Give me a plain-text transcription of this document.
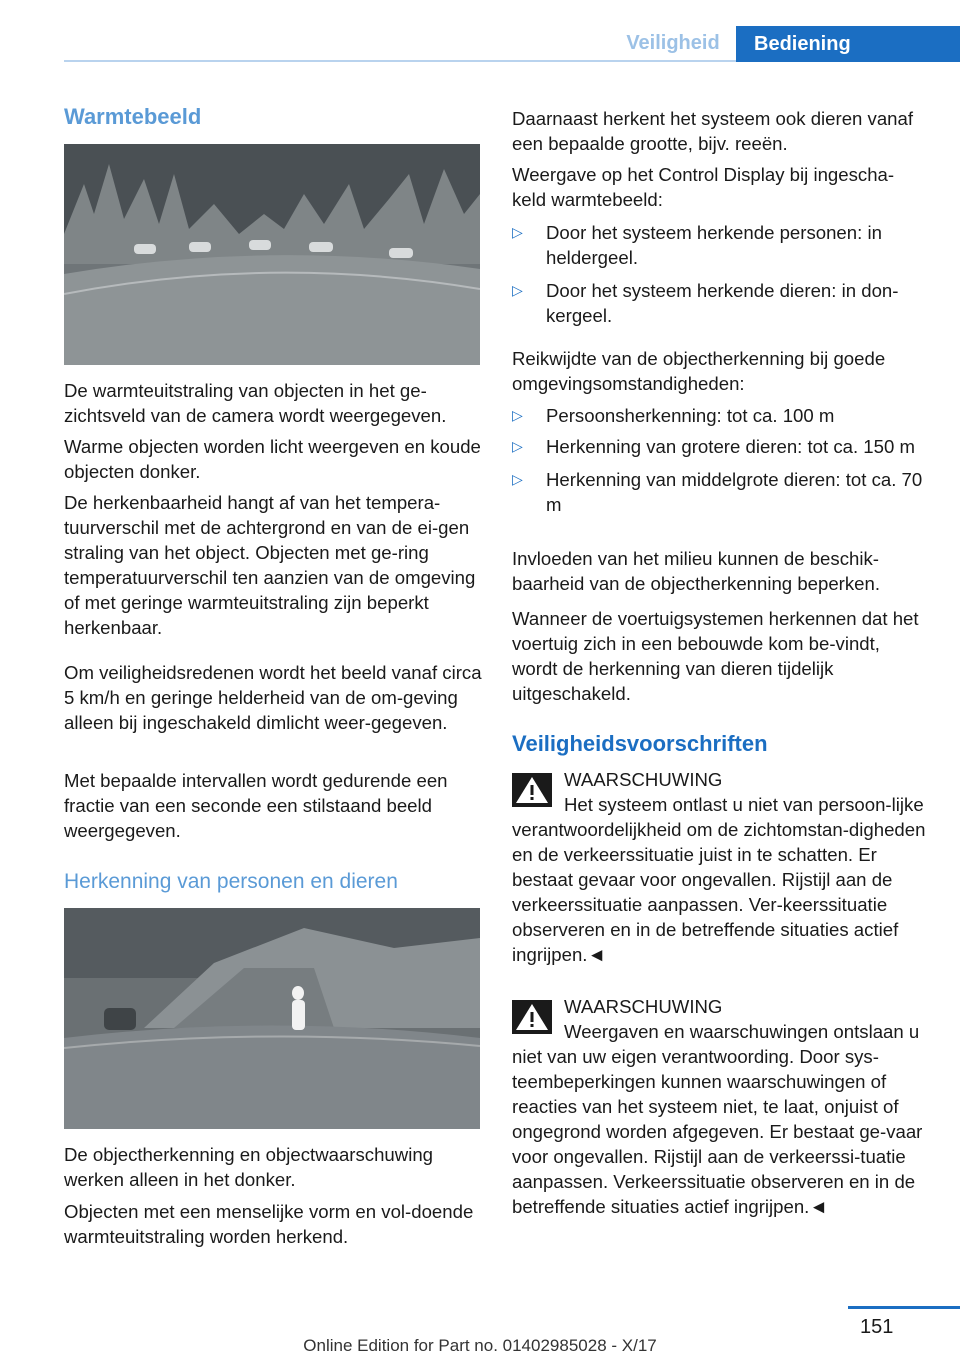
Veiligheid	Bediening
Warmtebeeld

De warmteuitstraling van objecten in het ge-zichtsveld van de camera wordt weergegeven.

Warme objecten worden licht weergeven en koude objecten donker.

De herkenbaarheid hangt af van het tempera-tuurverschil met de achtergrond en van de ei-gen straling van het object. Objecten met ge-ring temperatuurverschil ten aanzien van de omgeving of met geringe warmteuitstraling zijn beperkt herkenbaar.

Om veiligheidsredenen wordt het beeld vanaf circa 5 km/h en geringe helderheid van de om-geving alleen bij ingeschakeld dimlicht weer-gegeven.

Met bepaalde intervallen wordt gedurende een fractie van een seconde een stilstaand beeld weergegeven.

Herkenning van personen en dieren

De objectherkenning en objectwaarschuwing werken alleen in het donker.

Objecten met een menselijke vorm en vol-doende warmteuitstraling worden herkend.

Daarnaast herkent het systeem ook dieren vanaf een bepaalde grootte, bijv. reeën.

Weergave op het Control Display bij ingescha-keld warmtebeeld:

▷ Door het systeem herkende personen: in heldergeel.
▷ Door het systeem herkende dieren: in don-kergeel.

Reikwijdte van de objectherkenning bij goede omgevingsomstandigheden:

▷ Persoonsherkenning: tot ca. 100 m
▷ Herkenning van grotere dieren: tot ca. 150 m
▷ Herkenning van middelgrote dieren: tot ca. 70 m

Invloeden van het milieu kunnen de beschik-baarheid van de objectherkenning beperken.

Wanneer de voertuigsystemen herkennen dat het voertuig zich in een bebouwde kom be-vindt, wordt de herkenning van dieren tijdelijk uitgeschakeld.

Veiligheidsvoorschriften
WAARSCHUWING

Het systeem ontlast u niet van persoon-lijke verantwoordelijkheid om de zichtomstan-digheden en de verkeerssituatie juist in te schatten. Er bestaat gevaar voor ongevallen. Rijstijl aan de verkeerssituatie aanpassen. Ver-keerssituatie observeren en in de betreffende situaties actief ingrijpen.◄

WAARSCHUWING

Weergaven en waarschuwingen ontslaan u niet van uw eigen verantwoording. Door sys-teembeperkingen kunnen waarschuwingen of reacties van het systeem niet, te laat, onjuist of ongegrond worden afgegeven. Er bestaat ge-vaar voor ongevallen. Rijstijl aan de verkeerssi-tuatie aanpassen. Verkeerssituatie observeren en in de betreffende situaties actief ingrijpen.◄

151
Online Edition for Part no. 01402985028 - X/17
